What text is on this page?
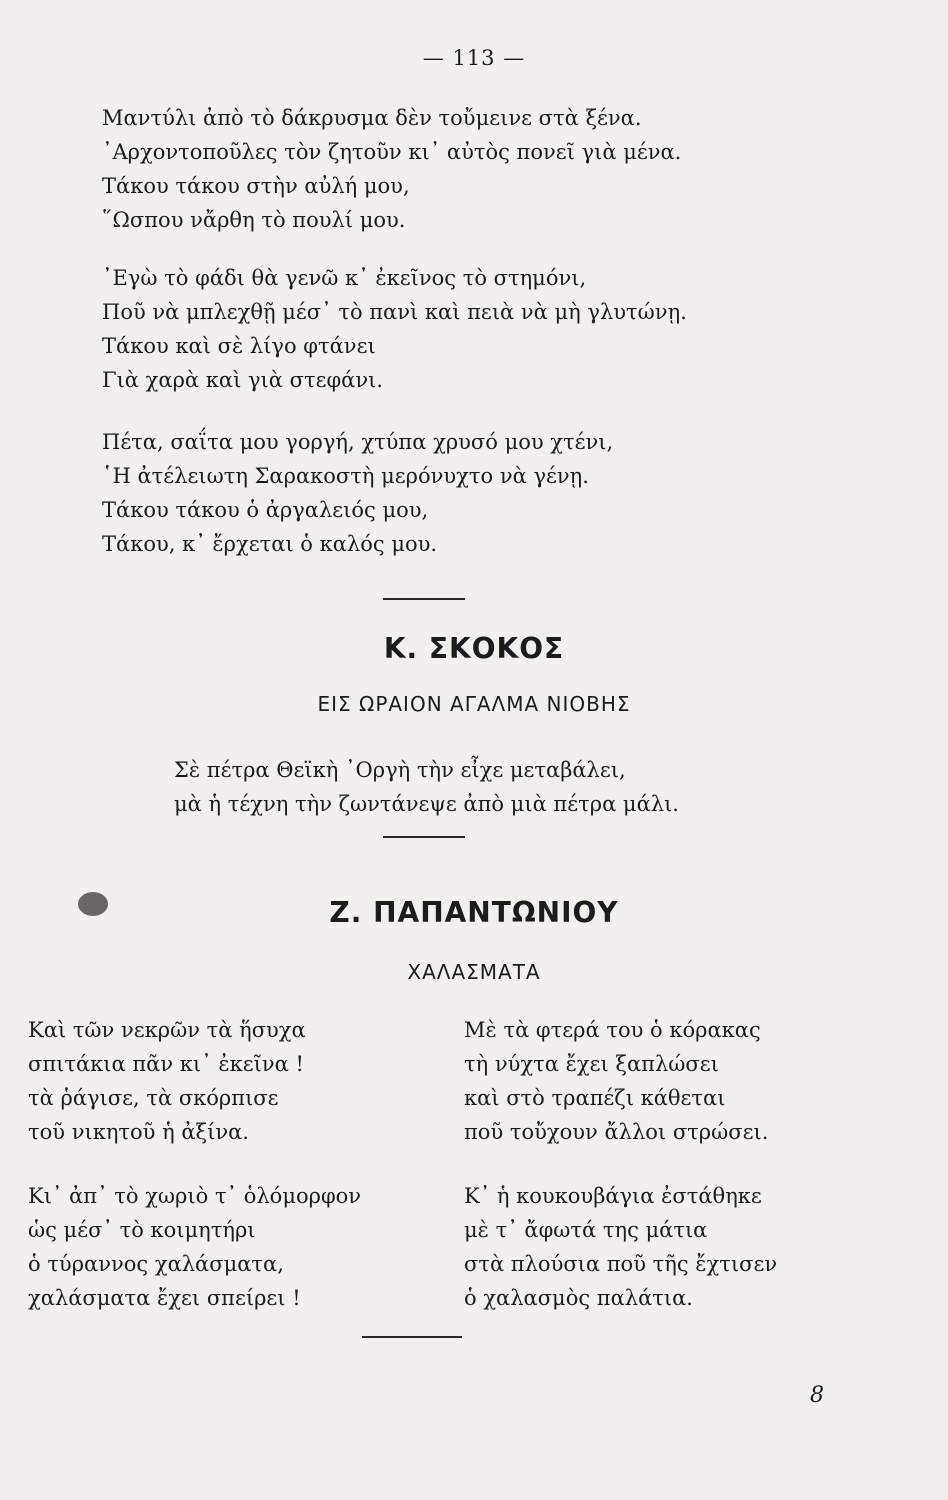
— 113 —
Μαντύλι ἀπὸ τὸ δάκρυσμα δὲν τοὔμεινε στὰ ξένα.
᾿Αρχοντοποῦλες τὸν ζητοῦν κι᾿ αὐτὸς πονεῖ γιὰ μένα.
Τάκου τάκου στὴν αὐλή μου,
῞Ωσπου νἄρθη τὸ πουλί μου.
᾿Εγὼ τὸ φάδι θὰ γενῶ κ᾿ ἐκεῖνος τὸ στημόνι,
Ποῦ νὰ μπλεχθῇ μέσ᾿ τὸ πανὶ καὶ πειὰ νὰ μὴ γλυτώνῃ.
Τάκου καὶ σὲ λίγο φτάνει
Γιὰ χαρὰ καὶ γιὰ στεφάνι.
Πέτα, σαΐτα μου γοργή, χτύπα χρυσό μου χτένι,
῾Η ἀτέλειωτη Σαρακοστὴ μερόνυχτο νὰ γένῃ.
Τάκου τάκου ὁ ἀργαλειός μου,
Τάκου, κ᾿ ἔρχεται ὁ καλός μου.
Κ. ΣΚΟΚΟΣ
ΕΙΣ ΩΡΑΙΟΝ ΑΓΑΛΜΑ ΝΙΟΒΗΣ
Σὲ πέτρα Θεϊκὴ ᾿Οργὴ τὴν εἶχε μεταβάλει,
μὰ ἡ τέχνη τὴν ζωντάνεψε ἀπὸ μιὰ πέτρα μάλι.
Ζ. ΠΑΠΑΝΤΩΝΙΟΥ
ΧΑΛΑΣΜΑΤΑ
Καὶ τῶν νεκρῶν τὰ ἥσυχα
σπιτάκια πᾶν κι᾿ ἐκεῖνα !
τὰ ῥάγισε, τὰ σκόρπισε
τοῦ νικητοῦ ἡ ἀξίνα.
Κι᾿ ἀπ᾿ τὸ χωριὸ τ᾿ ὁλόμορφον
ὡς μέσ᾿ τὸ κοιμητήρι
ὁ τύραννος χαλάσματα,
χαλάσματα ἔχει σπείρει !
Μὲ τὰ φτερά του ὁ κόρακας
τὴ νύχτα ἔχει ξαπλώσει
καὶ στὸ τραπέζι κάθεται
ποῦ τοὔχουν ἄλλοι στρώσει.
Κ᾿ ἡ κουκουβάγια ἐστάθηκε
μὲ τ᾿ ἄφωτά της μάτια
στὰ πλούσια ποῦ τῆς ἔχτισεν
ὁ χαλασμὸς παλάτια.
8
